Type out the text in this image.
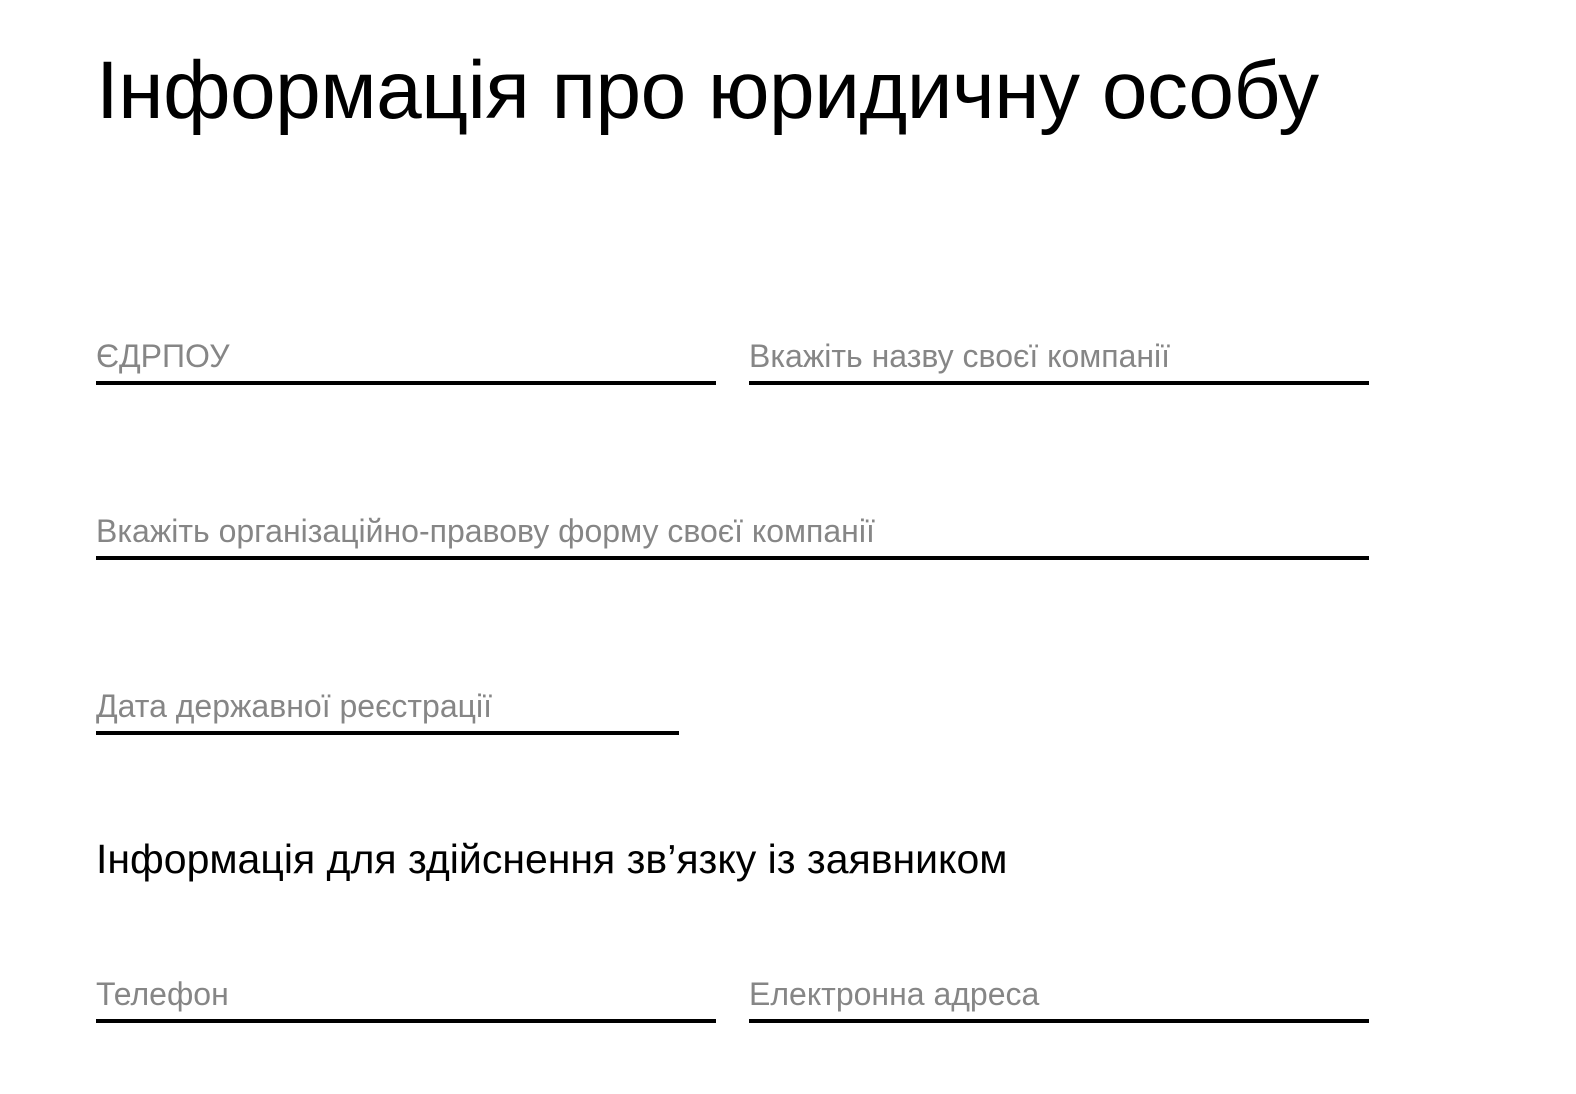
Інформація про юридичну особу
ЄДРПОУ
Вкажіть назву своєї компанії
Вкажіть організаційно-правову форму своєї компанії
Дата державної реєстрації
Інформація для здійснення зв’язку із заявником
Телефон
Електронна адреса
